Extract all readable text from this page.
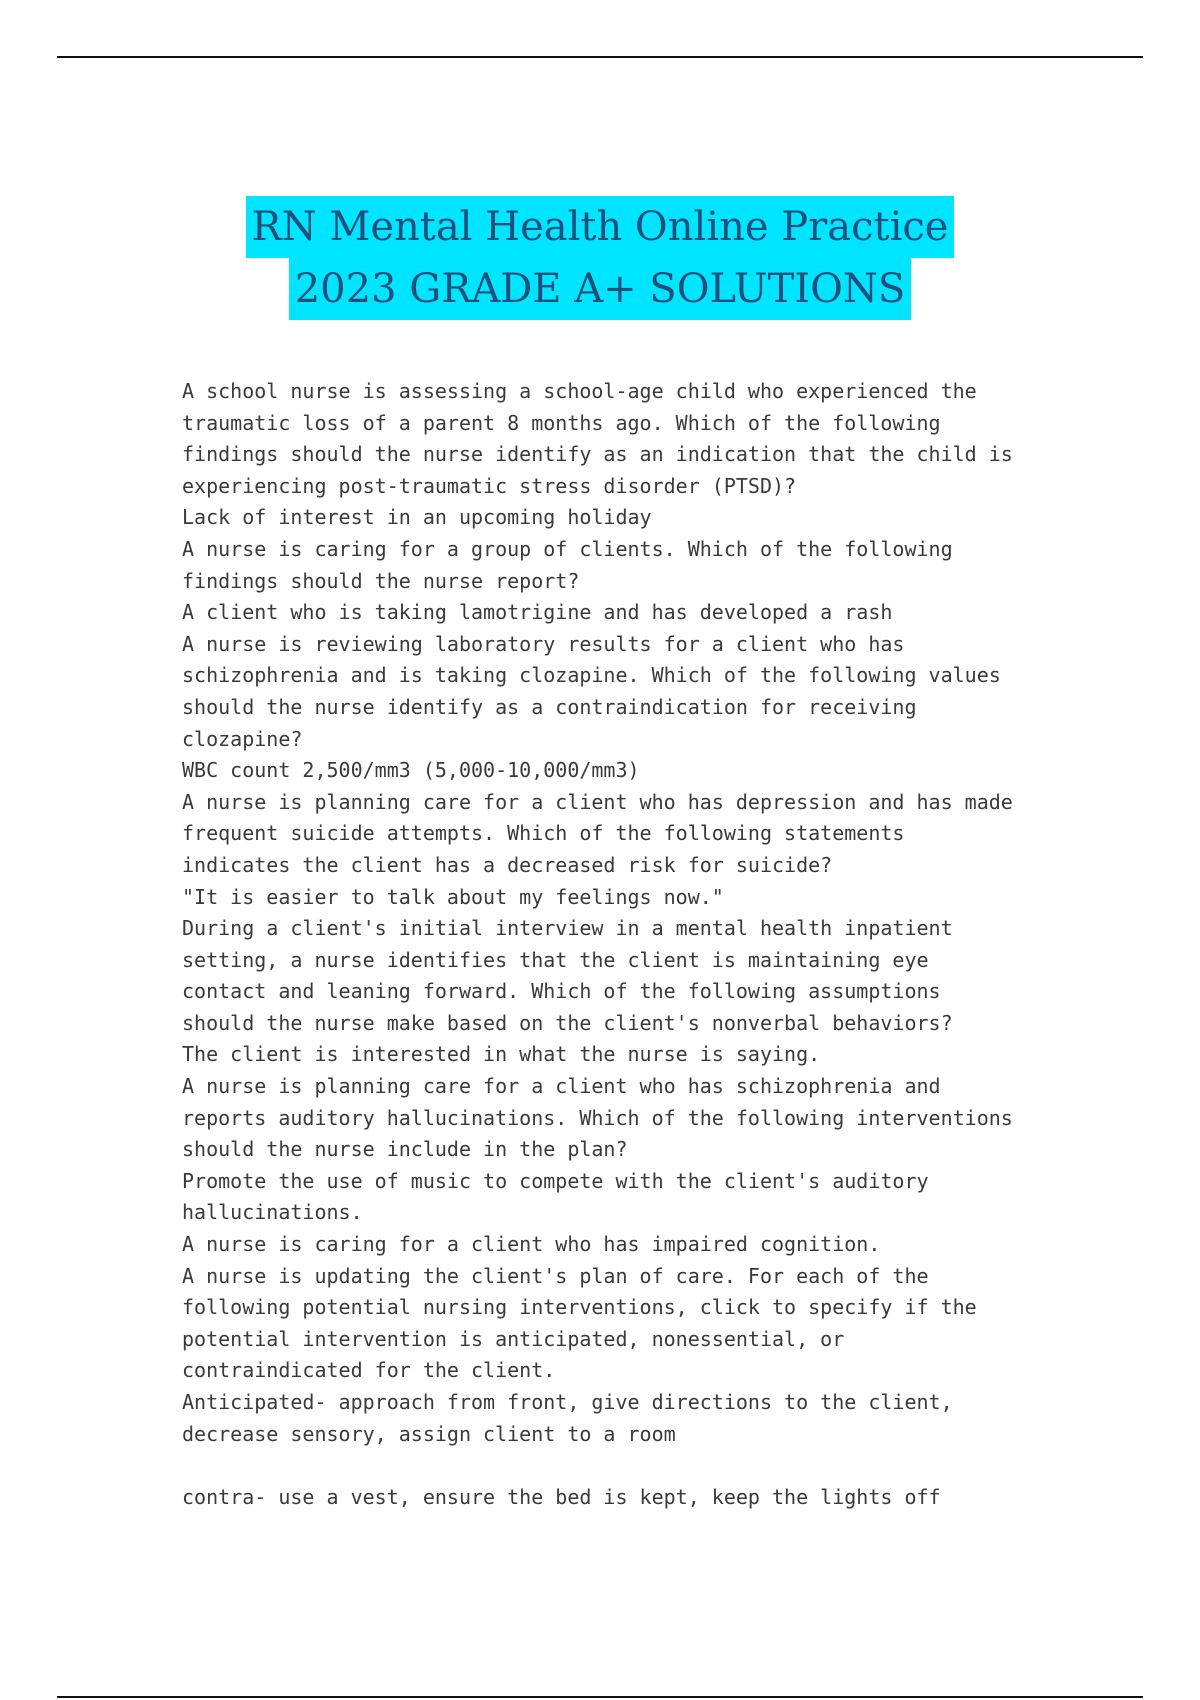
RN Mental Health Online Practice
2023 GRADE A+ SOLUTIONS

A school nurse is assessing a school-age child who experienced the

traumatic loss of a parent 8 months ago. Which of the following

findings should the nurse identify as an indication that the child is

experiencing post-traumatic stress disorder (PTSD)?

Lack of interest in an upcoming holiday

A nurse is caring for a group of clients. Which of the following

findings should the nurse report?

A client who is taking lamotrigine and has developed a rash

A nurse is reviewing laboratory results for a client who has

schizophrenia and is taking clozapine. Which of the following values

should the nurse identify as a contraindication for receiving

clozapine?

WBC count 2,500/mm3 (5,000-10,000/mm3)

A nurse is planning care for a client who has depression and has made

frequent suicide attempts. Which of the following statements

indicates the client has a decreased risk for suicide?

"It is easier to talk about my feelings now."

During a client's initial interview in a mental health inpatient

setting, a nurse identifies that the client is maintaining eye

contact and leaning forward. Which of the following assumptions

should the nurse make based on the client's nonverbal behaviors?

The client is interested in what the nurse is saying.

A nurse is planning care for a client who has schizophrenia and

reports auditory hallucinations. Which of the following interventions

should the nurse include in the plan?

Promote the use of music to compete with the client's auditory

hallucinations.

A nurse is caring for a client who has impaired cognition.

A nurse is updating the client's plan of care. For each of the

following potential nursing interventions, click to specify if the

potential intervention is anticipated, nonessential, or

contraindicated for the client.

Anticipated- approach from front, give directions to the client,

decrease sensory, assign client to a room

contra- use a vest, ensure the bed is kept, keep the lights off
